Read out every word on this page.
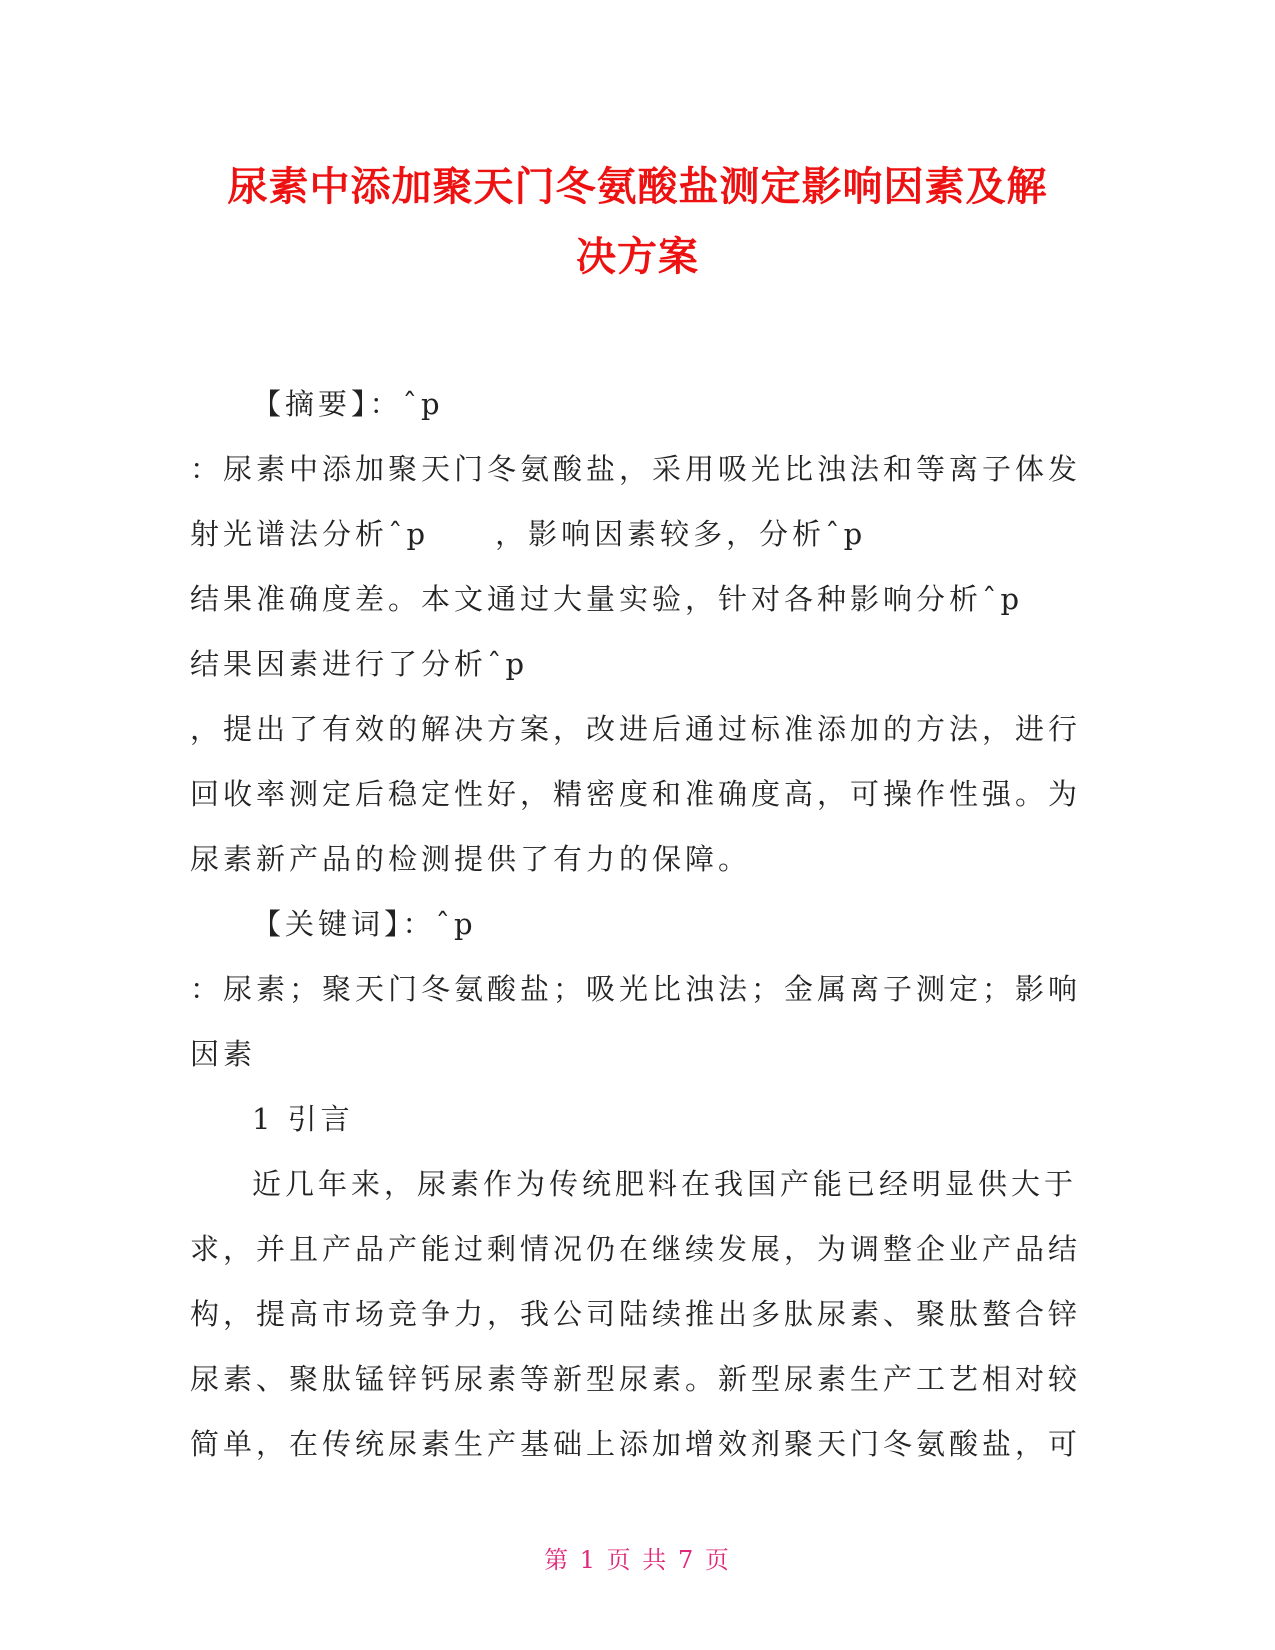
尿素中添加聚天门冬氨酸盐测定影响因素及解
决方案
【摘要】：ˆp
：尿素中添加聚天门冬氨酸盐，采用吸光比浊法和等离子体发
射光谱法分析ˆp　　，影响因素较多，分析ˆp
结果准确度差。本文通过大量实验，针对各种影响分析ˆp
结果因素进行了分析ˆp
，提出了有效的解决方案，改进后通过标准添加的方法，进行
回收率测定后稳定性好，精密度和准确度高，可操作性强。为
尿素新产品的检测提供了有力的保障。
【关键词】：ˆp
：尿素；聚天门冬氨酸盐；吸光比浊法；金属离子测定；影响
因素
1 引言
近几年来，尿素作为传统肥料在我国产能已经明显供大于
求，并且产品产能过剩情况仍在继续发展，为调整企业产品结
构，提高市场竞争力，我公司陆续推出多肽尿素、聚肽螯合锌
尿素、聚肽锰锌钙尿素等新型尿素。新型尿素生产工艺相对较
简单，在传统尿素生产基础上添加增效剂聚天门冬氨酸盐，可
第 1 页 共 7 页
